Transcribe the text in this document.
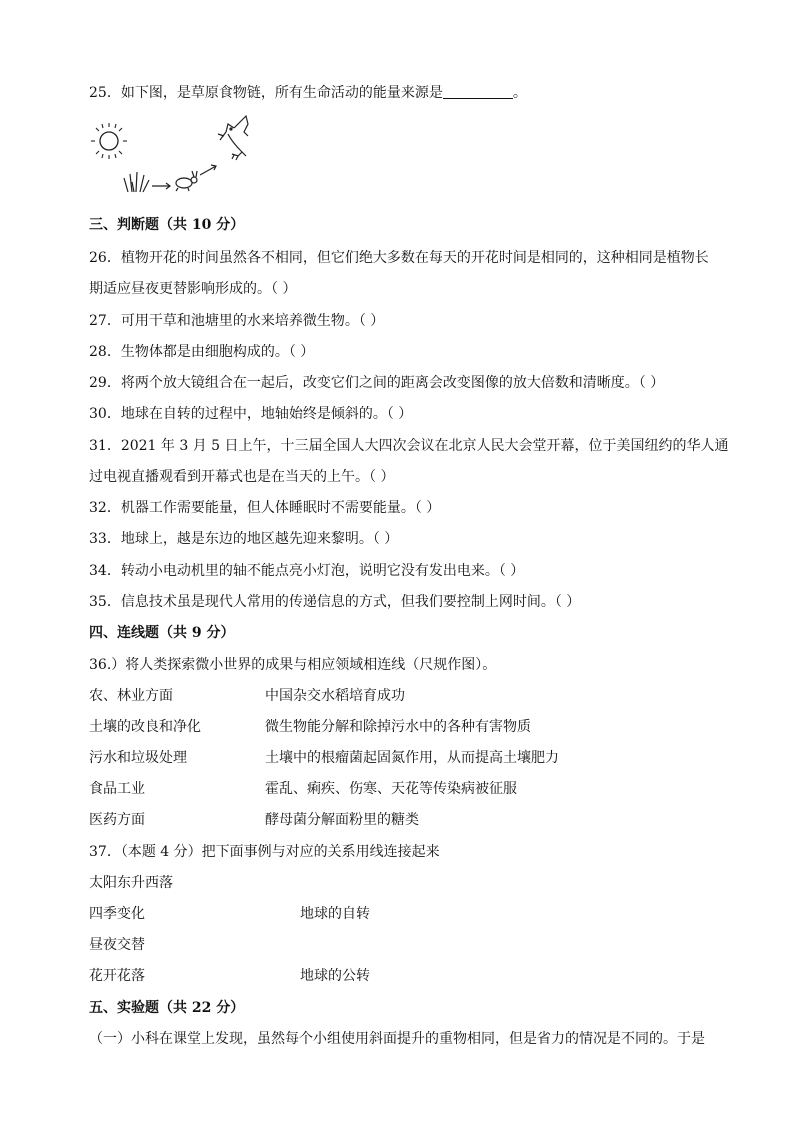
25．如下图，是草原食物链，所有生命活动的能量来源是	。
三、判断题（共 10 分）
26．植物开花的时间虽然各不相同，但它们绝大多数在每天的开花时间是相同的，这种相同是植物长
期适应昼夜更替影响形成的。（ ）
27．可用干草和池塘里的水来培养微生物。（ ）
28．生物体都是由细胞构成的。（ ）
29．将两个放大镜组合在一起后，改变它们之间的距离会改变图像的放大倍数和清晰度。（ ）
30．地球在自转的过程中，地轴始终是倾斜的。（ ）
31．2021 年 3 月 5 日上午，十三届全国人大四次会议在北京人民大会堂开幕，位于美国纽约的华人通
过电视直播观看到开幕式也是在当天的上午。（ ）
32．机器工作需要能量，但人体睡眠时不需要能量。（ ）
33．地球上，越是东边的地区越先迎来黎明。（ ）
34．转动小电动机里的轴不能点亮小灯泡，说明它没有发出电来。（ ）
35．信息技术虽是现代人常用的传递信息的方式，但我们要控制上网时间。（ ）
四、连线题（共 9 分）
36.）将人类探索微小世界的成果与相应领域相连线（尺规作图）。
农、林业方面	中国杂交水稻培育成功
土壤的改良和净化	微生物能分解和除掉污水中的各种有害物质
污水和垃圾处理	土壤中的根瘤菌起固氮作用，从而提高土壤肥力
食品工业	霍乱、痢疾、伤寒、天花等传染病被征服
医药方面	酵母菌分解面粉里的糖类
37．（本题 4 分）把下面事例与对应的关系用线连接起来
太阳东升西落
四季变化	地球的自转
昼夜交替
花开花落	地球的公转
五、实验题（共 22 分）
（一）小科在课堂上发现，虽然每个小组使用斜面提升的重物相同，但是省力的情况是不同的。于是
